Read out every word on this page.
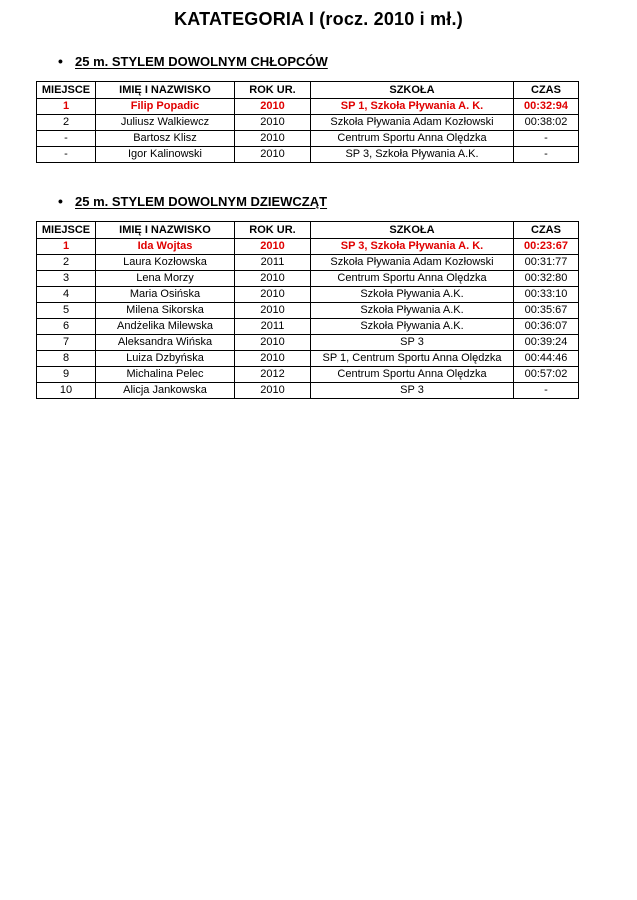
KATATEGORIA I (rocz. 2010 i mł.)
• 25 m. STYLEM DOWOLNYM CHŁOPCÓW
MIEJSCE	IMIĘ I NAZWISKO	ROK UR.	SZKOŁA	CZAS
1	Filip Popadic	2010	SP 1, Szkoła Pływania A. K.	00:32:94
2	Juliusz Walkiewcz	2010	Szkoła Pływania Adam Kozłowski	00:38:02
-	Bartosz Klisz	2010	Centrum Sportu Anna Olędzka	-
-	Igor Kalinowski	2010	SP 3, Szkoła Pływania A.K.	-
• 25 m. STYLEM DOWOLNYM DZIEWCZĄT
MIEJSCE	IMIĘ I NAZWISKO	ROK UR.	SZKOŁA	CZAS
1	Ida Wojtas	2010	SP 3, Szkoła Pływania A. K.	00:23:67
2	Laura Kozłowska	2011	Szkoła Pływania Adam Kozłowski	00:31:77
3	Lena Morzy	2010	Centrum Sportu Anna Olędzka	00:32:80
4	Maria Osińska	2010	Szkoła Pływania A.K.	00:33:10
5	Milena Sikorska	2010	Szkoła Pływania A.K.	00:35:67
6	Andżelika Milewska	2011	Szkoła Pływania A.K.	00:36:07
7	Aleksandra Wińska	2010	SP 3	00:39:24
8	Luiza Dzbyńska	2010	SP 1, Centrum Sportu Anna Olędzka	00:44:46
9	Michalina Pelec	2012	Centrum Sportu Anna Olędzka	00:57:02
10	Alicja Jankowska	2010	SP 3	-
